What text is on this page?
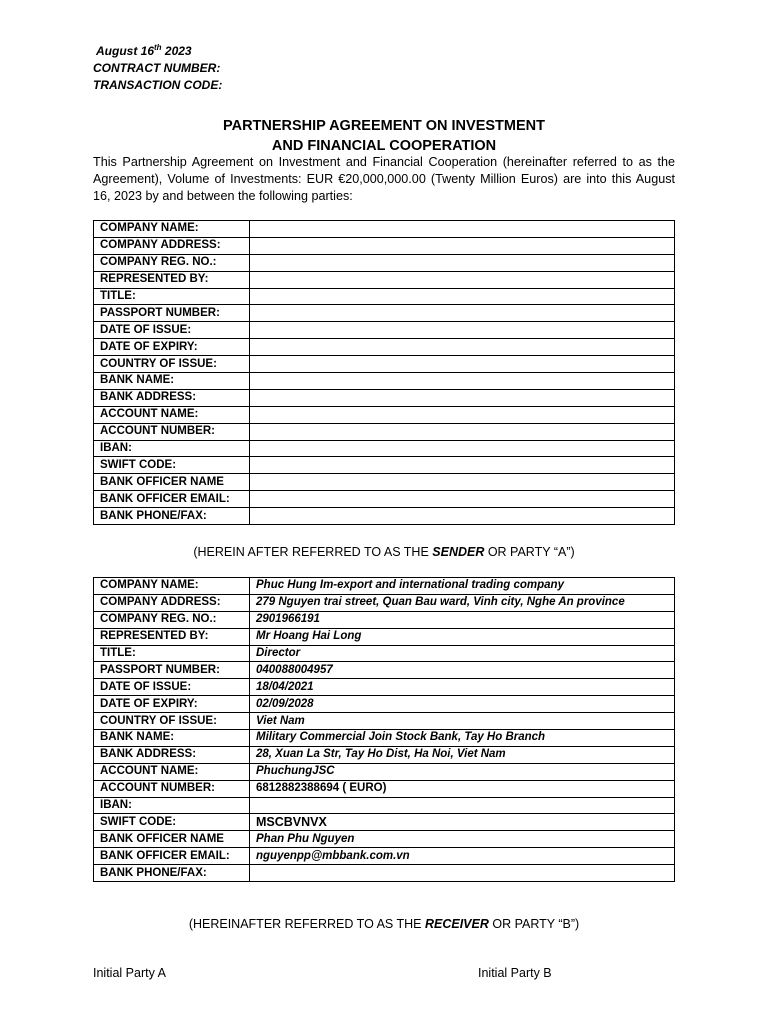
August 16th 2023
CONTRACT NUMBER:
TRANSACTION CODE:
PARTNERSHIP AGREEMENT ON INVESTMENT
AND FINANCIAL COOPERATION
This Partnership Agreement on Investment and Financial Cooperation (hereinafter referred to as the Agreement), Volume of Investments: EUR €20,000,000.00 (Twenty Million Euros) are into this August 16, 2023 by and between the following parties:
COMPANY NAME:	
COMPANY ADDRESS:	
COMPANY REG. NO.:	
REPRESENTED BY:	
TITLE:	
PASSPORT NUMBER:	
DATE OF ISSUE:	
DATE OF EXPIRY:	
COUNTRY OF ISSUE:	
BANK NAME:	
BANK ADDRESS:	
ACCOUNT NAME:	
ACCOUNT NUMBER:	
IBAN:	
SWIFT CODE:	
BANK OFFICER NAME	
BANK OFFICER EMAIL:	
BANK PHONE/FAX:	
(HEREIN AFTER REFERRED TO AS THE SENDER OR PARTY “A”)
COMPANY NAME:	Phuc Hung Im-export and international trading company
COMPANY ADDRESS:	279 Nguyen trai street, Quan Bau ward, Vinh city, Nghe An province
COMPANY REG. NO.:	2901966191
REPRESENTED BY:	Mr Hoang Hai Long
TITLE:	Director
PASSPORT NUMBER:	040088004957
DATE OF ISSUE:	18/04/2021
DATE OF EXPIRY:	02/09/2028
COUNTRY OF ISSUE:	Viet Nam
BANK NAME:	Military Commercial Join Stock Bank, Tay Ho Branch
BANK ADDRESS:	28, Xuan La Str, Tay Ho Dist, Ha Noi, Viet Nam
ACCOUNT NAME:	PhuchungJSC
ACCOUNT NUMBER:	6812882388694 ( EURO)
IBAN:	
SWIFT CODE:	MSCBVNVX
BANK OFFICER NAME	Phan Phu Nguyen
BANK OFFICER EMAIL:	nguyenpp@mbbank.com.vn
BANK PHONE/FAX:	
(HEREINAFTER REFERRED TO AS THE RECEIVER OR PARTY “B”)
Initial Party A	Initial Party B
